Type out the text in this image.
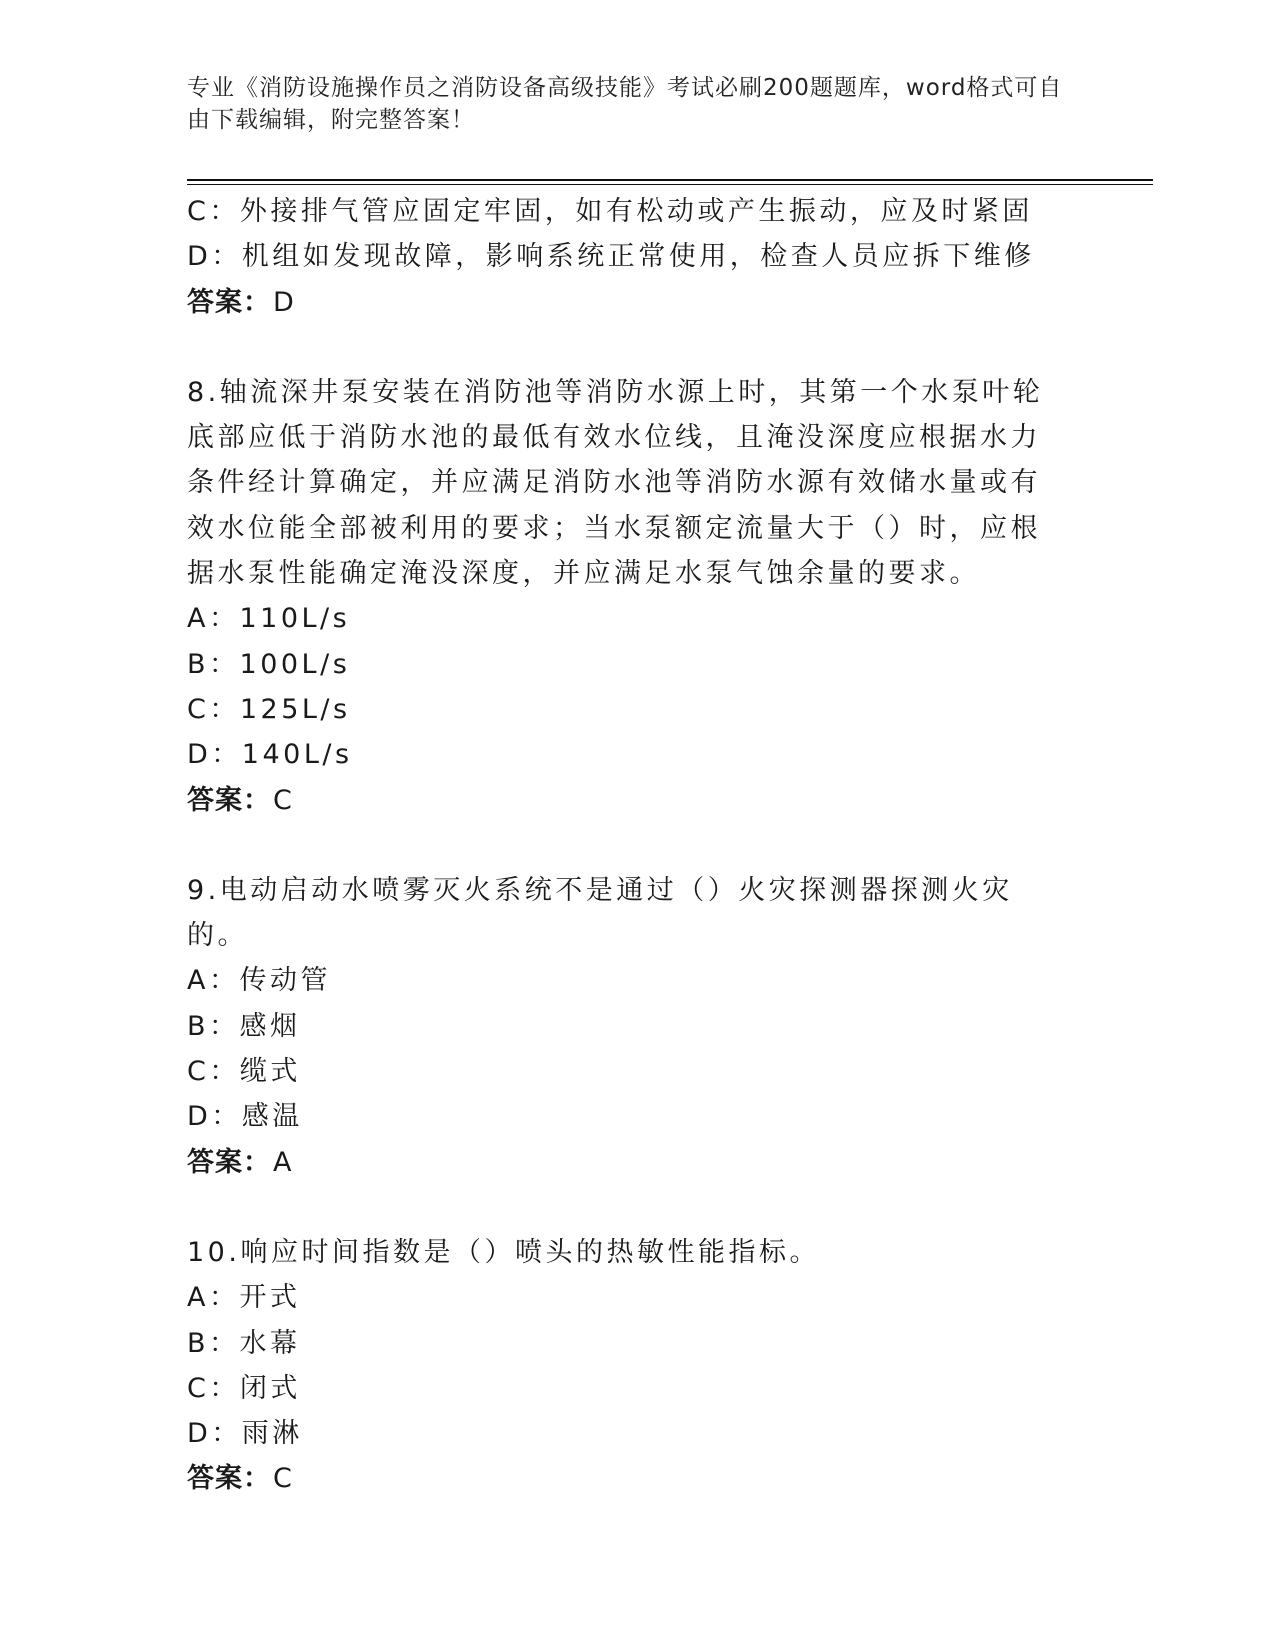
专业《消防设施操作员之消防设备高级技能》考试必刷200题题库，word格式可自由下载编辑，附完整答案！
C：外接排气管应固定牢固，如有松动或产生振动，应及时紧固
D：机组如发现故障，影响系统正常使用，检查人员应拆下维修
答案：D
8.轴流深井泵安装在消防池等消防水源上时，其第一个水泵叶轮底部应低于消防水池的最低有效水位线，且淹没深度应根据水力条件经计算确定，并应满足消防水池等消防水源有效储水量或有效水位能全部被利用的要求；当水泵额定流量大于（）时，应根据水泵性能确定淹没深度，并应满足水泵气蚀余量的要求。
A：110L/s
B：100L/s
C：125L/s
D：140L/s
答案：C
9.电动启动水喷雾灭火系统不是通过（）火灾探测器探测火灾的。
A：传动管
B：感烟
C：缆式
D：感温
答案：A
10.响应时间指数是（）喷头的热敏性能指标。
A：开式
B：水幕
C：闭式
D：雨淋
答案：C
